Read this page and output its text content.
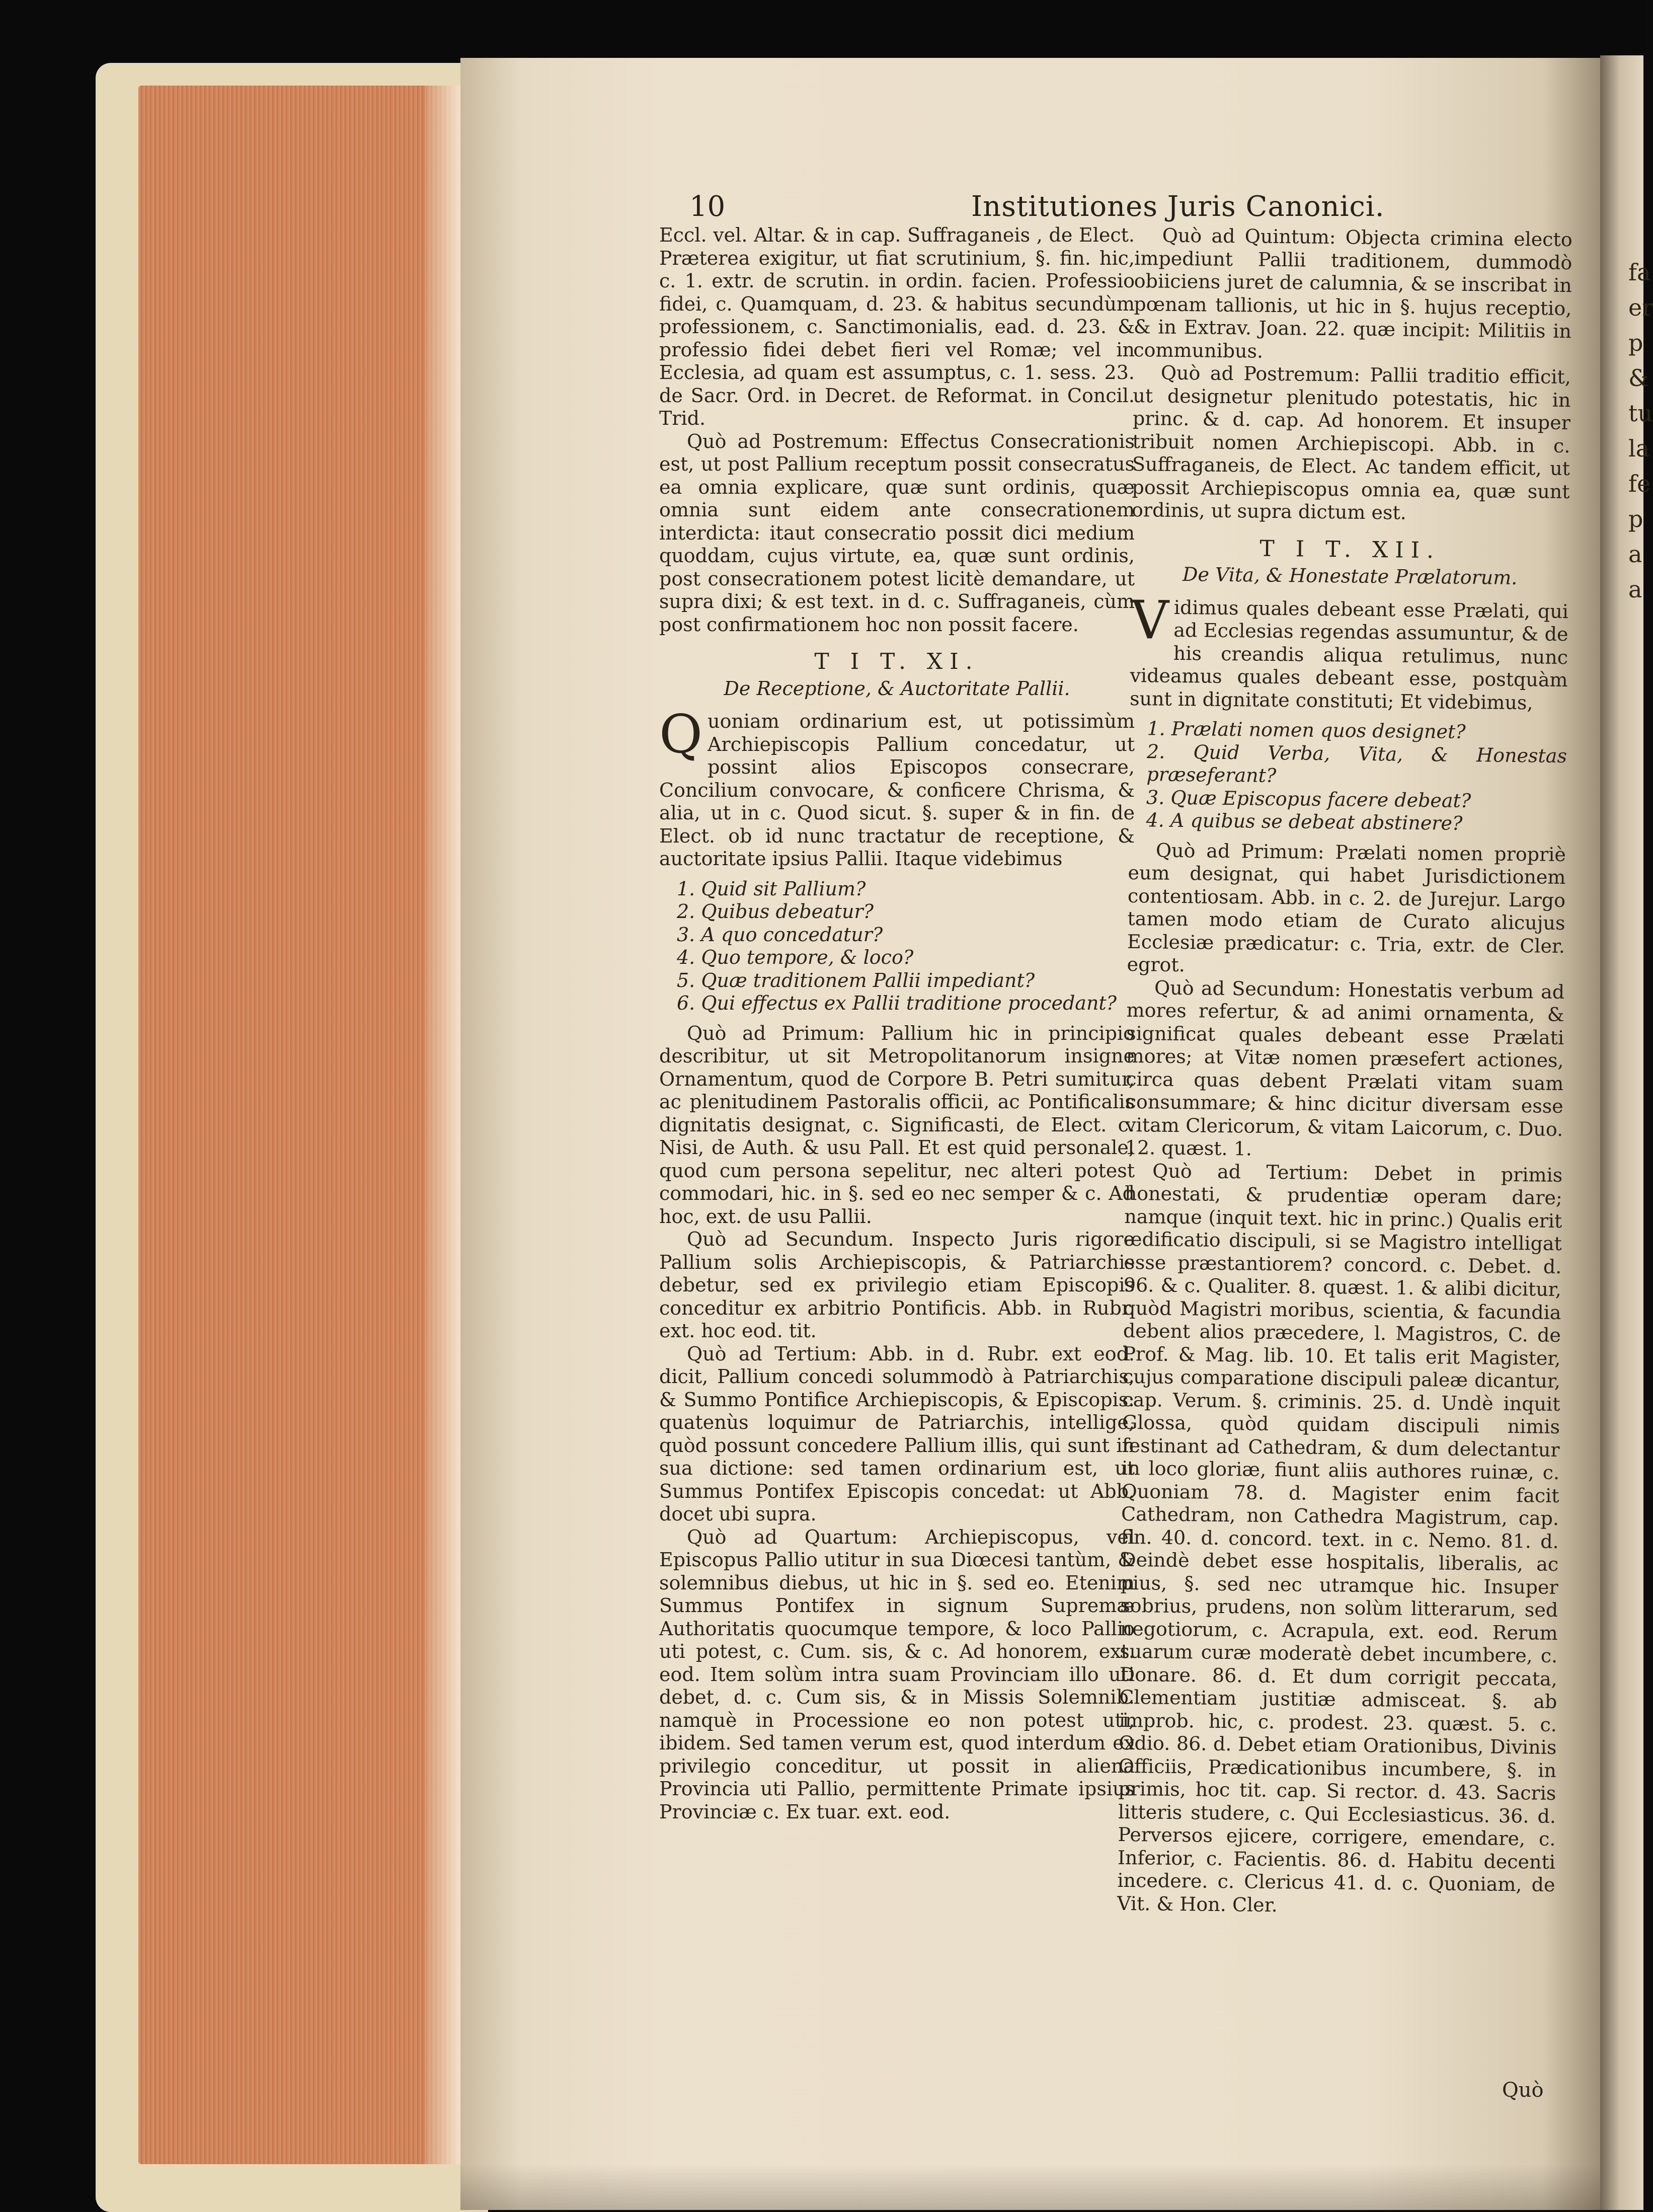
fa
er
p
&
tu
la
fe
p
a
a
10	Institutiones Juris Canonici.

Eccl. vel. Altar. & in cap. Suffraganeis , de Elect. Præterea exigitur, ut fiat scrutinium, §. fin. hic, c. 1. extr. de scrutin. in ordin. facien. Professio fidei, c. Quamquam, d. 23. & habitus secundùm professionem, c. Sanctimonialis, ead. d. 23. & professio fidei debet fieri vel Romæ; vel in Ecclesia, ad quam est assumptus, c. 1. sess. 23. de Sacr. Ord. in Decret. de Reformat. in Concil. Trid.

Quò ad Postremum: Effectus Consecrationis est, ut post Pallium receptum possit consecratus ea omnia explicare, quæ sunt ordinis, quæ omnia sunt eidem ante consecrationem interdicta: itaut consecratio possit dici medium quoddam, cujus virtute, ea, quæ sunt ordinis, post consecrationem potest licitè demandare, ut supra dixi; & est text. in d. c. Suffraganeis, cùm post confirmationem hoc non possit facere.

T I T. XI.
De Receptione, & Auctoritate Pallii.

Quoniam ordinarium est, ut potissimùm Archiepiscopis Pallium concedatur, ut possint alios Episcopos consecrare, Concilium convocare, & conficere Chrisma, & alia, ut in c. Quod sicut. §. super & in fin. de Elect. ob id nunc tractatur de receptione, & auctoritate ipsius Pallii. Itaque videbimus

1. Quid sit Pallium?
2. Quibus debeatur?
3. A quo concedatur?
4. Quo tempore, & loco?
5. Quæ traditionem Pallii impediant?
6. Qui effectus ex Pallii traditione procedant?

Quò ad Primum: Pallium hic in principio describitur, ut sit Metropolitanorum insigne Ornamentum, quod de Corpore B. Petri sumitur, ac plenitudinem Pastoralis officii, ac Pontificalis dignitatis designat, c. Significasti, de Elect. c. Nisi, de Auth. & usu Pall. Et est quid personale, quod cum persona sepelitur, nec alteri potest commodari, hic. in §. sed eo nec semper & c. Ad hoc, ext. de usu Pallii.

Quò ad Secundum. Inspecto Juris rigore Pallium solis Archiepiscopis, & Patriarchis debetur, sed ex privilegio etiam Episcopis conceditur ex arbitrio Pontificis. Abb. in Rubr. ext. hoc eod. tit.

Quò ad Tertium: Abb. in d. Rubr. ext eod. dicit, Pallium concedi solummodò à Patriarchis, & Summo Pontifice Archiepiscopis, & Episcopis: quatenùs loquimur de Patriarchis, intellige, quòd possunt concedere Pallium illis, qui sunt in sua dictione: sed tamen ordinarium est, ut Summus Pontifex Episcopis concedat: ut Abb. docet ubi supra.

Quò ad Quartum: Archiepiscopus, vel Episcopus Pallio utitur in sua Diœcesi tantùm, & solemnibus diebus, ut hic in §. sed eo. Etenim Summus Pontifex in signum Supremæ Authoritatis quocumque tempore, & loco Pallio uti potest, c. Cum. sis, & c. Ad honorem, ext. eod. Item solùm intra suam Provinciam illo uti debet, d. c. Cum sis, & in Missis Solemnib. namquè in Processione eo non potest uti, ibidem. Sed tamen verum est, quod interdum ex privilegio conceditur, ut possit in aliena Provincia uti Pallio, permittente Primate ipsius Provinciæ c. Ex tuar. ext. eod.

Quò ad Quintum: Objecta crimina electo impediunt Pallii traditionem, dummodò obiiciens juret de calumnia, & se inscribat in pœnam tallionis, ut hic in §. hujus receptio, & in Extrav. Joan. 22. quæ incipit: Militiis in communibus.

Quò ad Postremum: Pallii traditio efficit, ut designetur plenitudo potestatis, hic in princ. & d. cap. Ad honorem. Et insuper tribuit nomen Archiepiscopi. Abb. in c. Suffraganeis, de Elect. Ac tandem efficit, ut possit Archiepiscopus omnia ea, quæ sunt ordinis, ut supra dictum est.

T I T. XII.
De Vita, & Honestate Prælatorum.

Vidimus quales debeant esse Prælati, qui ad Ecclesias regendas assumuntur, & de his creandis aliqua retulimus, nunc videamus quales debeant esse, postquàm sunt in dignitate constituti; Et videbimus,

1. Prælati nomen quos designet?
2. Quid Verba, Vita, & Honestas præseferant?
3. Quæ Episcopus facere debeat?
4. A quibus se debeat abstinere?

Quò ad Primum: Prælati nomen propriè eum designat, qui habet Jurisdictionem contentiosam. Abb. in c. 2. de Jurejur. Largo tamen modo etiam de Curato alicujus Ecclesiæ prædicatur: c. Tria, extr. de Cler. egrot.

Quò ad Secundum: Honestatis verbum ad mores refertur, & ad animi ornamenta, & significat quales debeant esse Prælati mores; at Vitæ nomen præsefert actiones, circa quas debent Prælati vitam suam consummare; & hinc dicitur diversam esse vitam Clericorum, & vitam Laicorum, c. Duo. 12. quæst. 1.

Quò ad Tertium: Debet in primis honestati, & prudentiæ operam dare; namque (inquit text. hic in princ.) Qualis erit ædificatio discipuli, si se Magistro intelligat esse præstantiorem? concord. c. Debet. d. 96. & c. Qualiter. 8. quæst. 1. & alibi dicitur, quòd Magistri moribus, scientia, & facundia debent alios præcedere, l. Magistros, C. de Prof. & Mag. lib. 10. Et talis erit Magister, cujus comparatione discipuli paleæ dicantur, cap. Verum. §. criminis. 25. d. Undè inquit Glossa, quòd quidam discipuli nimis festinant ad Cathedram, & dum delectantur in loco gloriæ, fiunt aliis authores ruinæ, c. Quoniam 78. d. Magister enim facit Cathedram, non Cathedra Magistrum, cap. fin. 40. d. concord. text. in c. Nemo. 81. d. Deindè debet esse hospitalis, liberalis, ac pius, §. sed nec utramque hic. Insuper sobrius, prudens, non solùm litterarum, sed negotiorum, c. Acrapula, ext. eod. Rerum suarum curæ moderatè debet incumbere, c. Donare. 86. d. Et dum corrigit peccata, Clementiam justitiæ admisceat. §. ab improb. hic, c. prodest. 23. quæst. 5. c. Odio. 86. d. Debet etiam Orationibus, Divinis Officiis, Prædicationibus incumbere, §. in primis, hoc tit. cap. Si rector. d. 43. Sacris litteris studere, c. Qui Ecclesiasticus. 36. d. Perversos ejicere, corrigere, emendare, c. Inferior, c. Facientis. 86. d. Habitu decenti incedere. c. Clericus 41. d. c. Quoniam, de Vit. & Hon. Cler.

Quò
